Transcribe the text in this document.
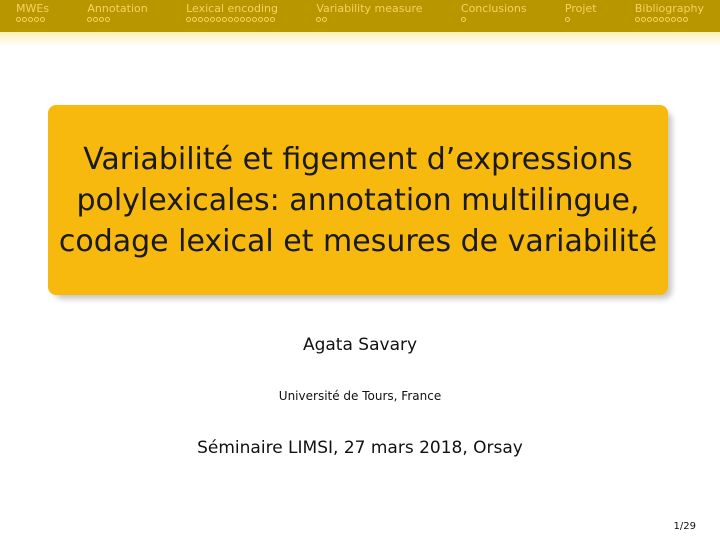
MWEs	Annotation	Lexical encoding	Variability measure	Conclusions	Projet	Bibliography
Variabilité et figement d’expressions polylexicales: annotation multilingue, codage lexical et mesures de variabilité
Agata Savary
Université de Tours, France
Séminaire LIMSI, 27 mars 2018, Orsay
1/29
